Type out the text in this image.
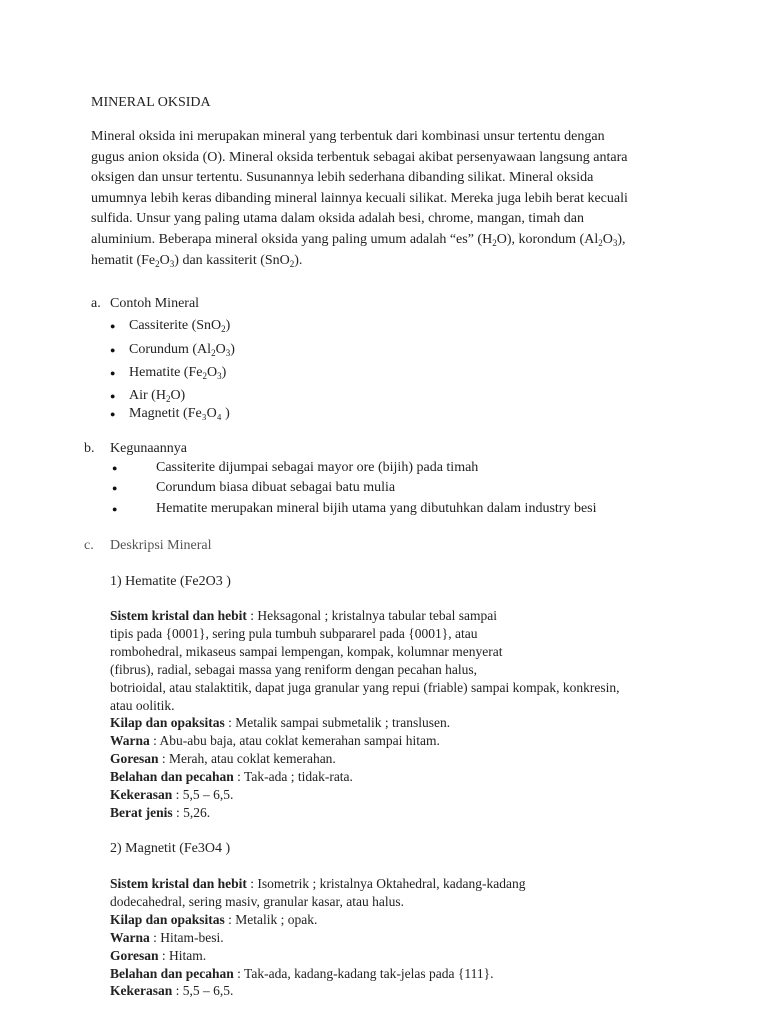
MINERAL OKSIDA
Mineral oksida ini merupakan mineral yang terbentuk dari kombinasi unsur tertentu dengan
gugus anion oksida (O). Mineral oksida terbentuk sebagai akibat persenyawaan langsung antara
oksigen dan unsur tertentu. Susunannya lebih sederhana dibanding silikat. Mineral oksida
umumnya lebih keras dibanding mineral lainnya kecuali silikat. Mereka juga lebih berat kecuali
sulfida. Unsur yang paling utama dalam oksida adalah besi, chrome, mangan, timah dan
aluminium. Beberapa mineral oksida yang paling umum adalah “es” $(H_2O)$, korondum $(Al_2O_3)$,
hematit $(Fe_2O_3)$ dan kassiterit (SnO$_2$).
a. Contoh Mineral
● Cassiterite (SnO$_2$)
● Corundum $(Al_2O_3)$
● Hematite $(Fe_2O_3)$
● Air $(H_2O)$
● Magnetit (Fe₃O₄ )
b. Kegunaannya
●	Cassiterite dijumpai sebagai mayor ore (bijih) pada timah
●	Corundum biasa dibuat sebagai batu mulia
●	Hematite merupakan mineral bijih utama yang dibutuhkan dalam industry besi
c. Deskripsi Mineral
1) Hematite (Fe2O3 )
Sistem kristal dan hebit : Heksagonal ; kristalnya tabular tebal sampai
tipis pada {0001}, sering pula tumbuh subpararel pada {0001}, atau
rombohedral, mikaseus sampai lempengan, kompak, kolumnar menyerat
(fibrus), radial, sebagai massa yang reniform dengan pecahan halus,
botrioidal, atau stalaktitik, dapat juga granular yang repui (friable) sampai kompak, konkresin,
atau oolitik.
Kilap dan opaksitas : Metalik sampai submetalik ; translusen.
Warna : Abu-abu baja, atau coklat kemerahan sampai hitam.
Goresan : Merah, atau coklat kemerahan.
Belahan dan pecahan : Tak-ada ; tidak-rata.
Kekerasan : 5,5 – 6,5.
Berat jenis : 5,26.
2) Magnetit (Fe3O4 )
Sistem kristal dan hebit : Isometrik ; kristalnya Oktahedral, kadang-kadang
dodecahedral, sering masiv, granular kasar, atau halus.
Kilap dan opaksitas : Metalik ; opak.
Warna : Hitam-besi.
Goresan : Hitam.
Belahan dan pecahan : Tak-ada, kadang-kadang tak-jelas pada {111}.
Kekerasan : 5,5 – 6,5.
